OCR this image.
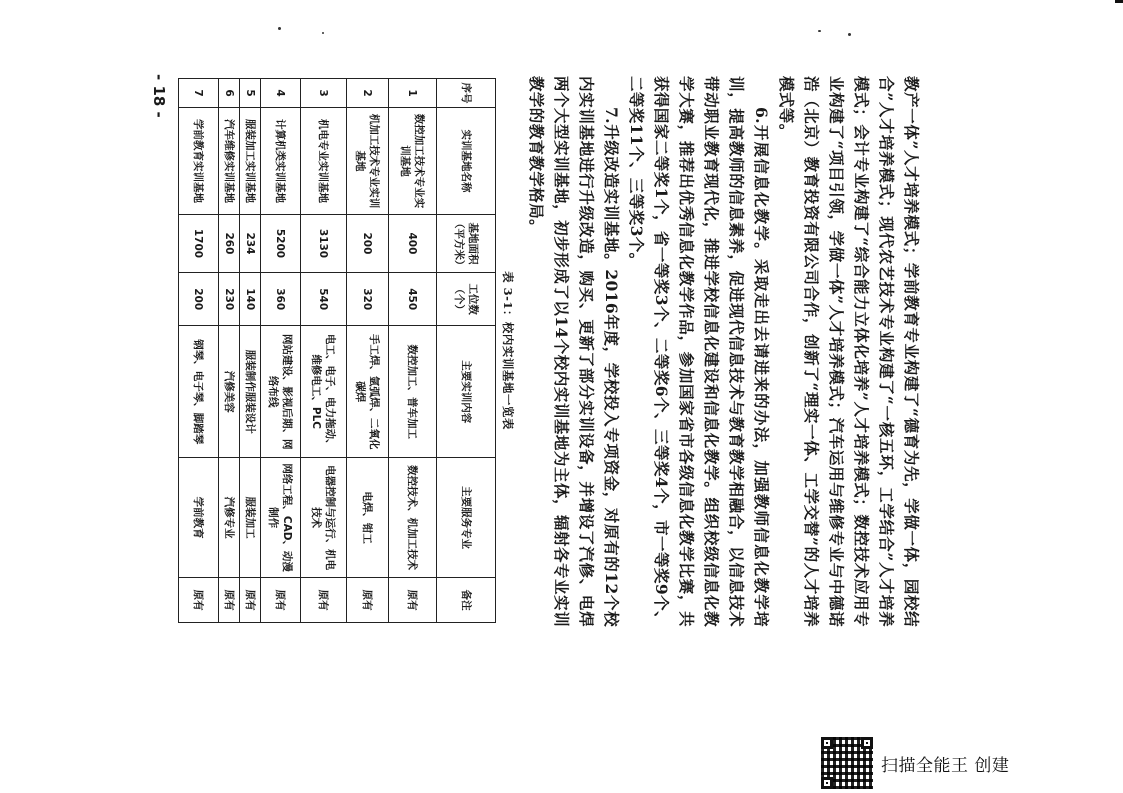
教产一体”人才培养模式；学前教育专业构建了“德育为先，学做一体，园校结合”人才培养模式；现代农艺技术专业构建了“一核五环，工学结合”人才培养模式；会计专业构建了“综合能力立体化培养”人才培养模式；数控技术应用专业构建了“项目引领，学做一体”人才培养模式；汽车运用与维修专业与中德诺浩（北京）教育投资有限公司合作，创新了“理实一体、工学交替”的人才培养模式等。

6.开展信息化教学。采取走出去请进来的办法，加强教师信息化教学培训，提高教师的信息素养，促进现代信息技术与教育教学相融合，以信息技术带动职业教育现代化，推进学校信息化建设和信息化教学。组织校级信息化教学大赛，推荐出优秀信息化教学作品，参加国家省市各级信息化教学比赛，共获得国家二等奖1个，省一等奖3个、二等奖6个、三等奖4个，市一等奖9个、二等奖11个、三等奖3个。

7.升级改造实训基地。2016年度，学校投入专项资金，对原有的12个校内实训基地进行升级改造，购买、更新了部分实训设备，并增设了汽修、电焊两个大型实训基地，初步形成了以14个校内实训基地为主体，辐射各专业实训教学的教育教学格局。

表 3-1：校内实训基地一览表
序号	实训基地名称	基地面积（平方米）	工位数（个）	主要实训内容	主要服务专业	备注
1	数控加工技术专业实训基地	400	450	数控加工、普车加工	数控技术、机加工技术	原有
2	机加工技术专业实训基地	200	320	手工焊、氩弧焊、二氧化碳焊	电焊、钳工	原有
3	机电专业实训基地	3130	540	电工、电子、电力拖动、维修电工、PLC	电器控制与运行、机电技术	原有
4	计算机类实训基地	5200	360	网站建设、影视后期、网络布线	网络工程、CAD、动漫制作	原有
5	服装加工实训基地	234	140	服装制作服装设计	服装加工	原有
6	汽车维修实训基地	260	230	汽修美容	汽修专业	原有
7	学前教育实训基地	1700	200	钢琴、电子琴、脚踏琴	学前教育	原有
- 18 -
扫描全能王 创建
